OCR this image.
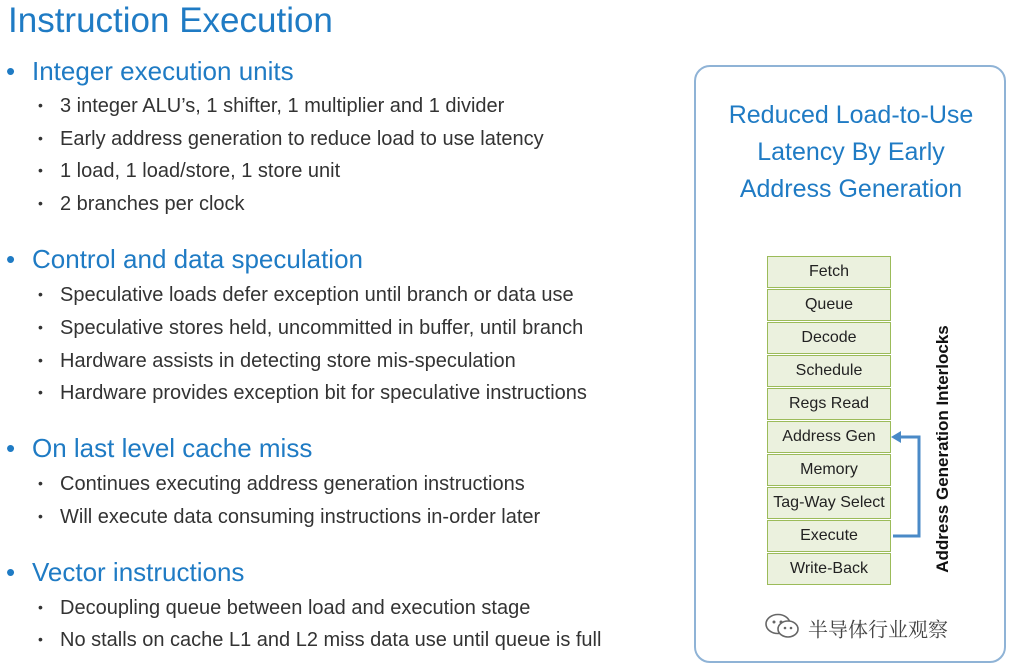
Instruction Execution
• Integer execution units
• 3 integer ALU’s, 1 shifter, 1 multiplier and 1 divider
• Early address generation to reduce load to use latency
• 1 load, 1 load/store, 1 store unit
• 2 branches per clock
• Control and data speculation
• Speculative loads defer exception until branch or data use
• Speculative stores held, uncommitted in buffer, until branch
• Hardware assists in detecting store mis-speculation
• Hardware provides exception bit for speculative instructions
• On last level cache miss
• Continues executing address generation instructions
• Will execute data consuming instructions in-order later
• Vector instructions
• Decoupling queue between load and execution stage
• No stalls on cache L1 and L2 miss data use until queue is full
Reduced Load-to-Use
Latency By Early
Address Generation
Fetch
Queue
Decode
Schedule
Regs Read
Address Gen
Memory
Tag-Way Select
Execute
Write-Back	Address Generation Interlocks
半导体行业观察
